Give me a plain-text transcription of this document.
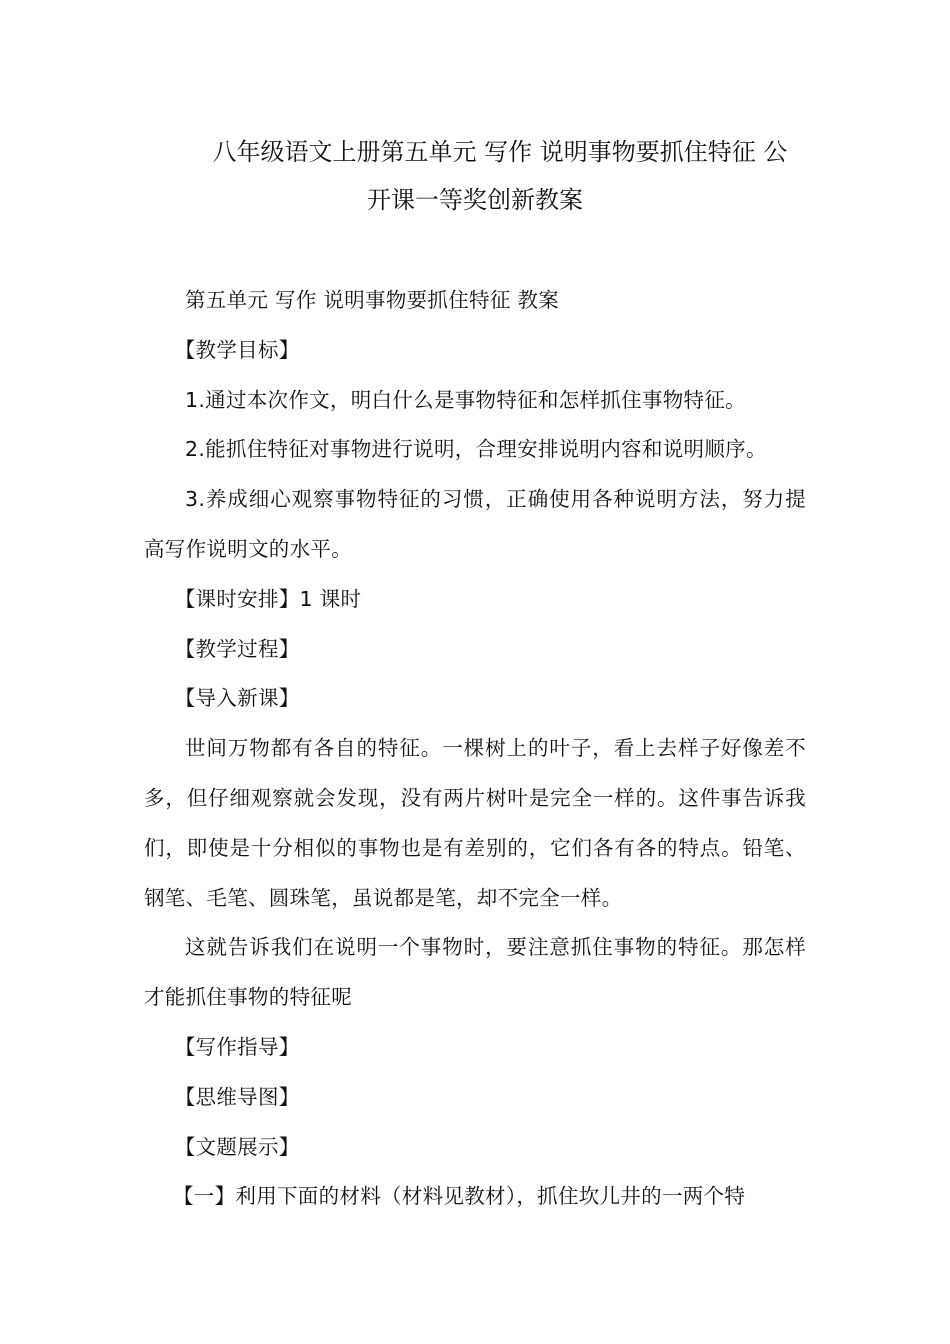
八年级语文上册第五单元 写作 说明事物要抓住特征 公
开课一等奖创新教案

第五单元 写作 说明事物要抓住特征 教案

【教学目标】

1.通过本次作文，明白什么是事物特征和怎样抓住事物特征。

2.能抓住特征对事物进行说明，合理安排说明内容和说明顺序。

3.养成细心观察事物特征的习惯，正确使用各种说明方法，努力提高写作说明文的水平。

【课时安排】1 课时

【教学过程】

【导入新课】

世间万物都有各自的特征。一棵树上的叶子，看上去样子好像差不多，但仔细观察就会发现，没有两片树叶是完全一样的。这件事告诉我们，即使是十分相似的事物也是有差别的，它们各有各的特点。铅笔、钢笔、毛笔、圆珠笔，虽说都是笔，却不完全一样。

这就告诉我们在说明一个事物时，要注意抓住事物的特征。那怎样才能抓住事物的特征呢

【写作指导】

【思维导图】

【文题展示】

【一】利用下面的材料（材料见教材），抓住坎儿井的一两个特
